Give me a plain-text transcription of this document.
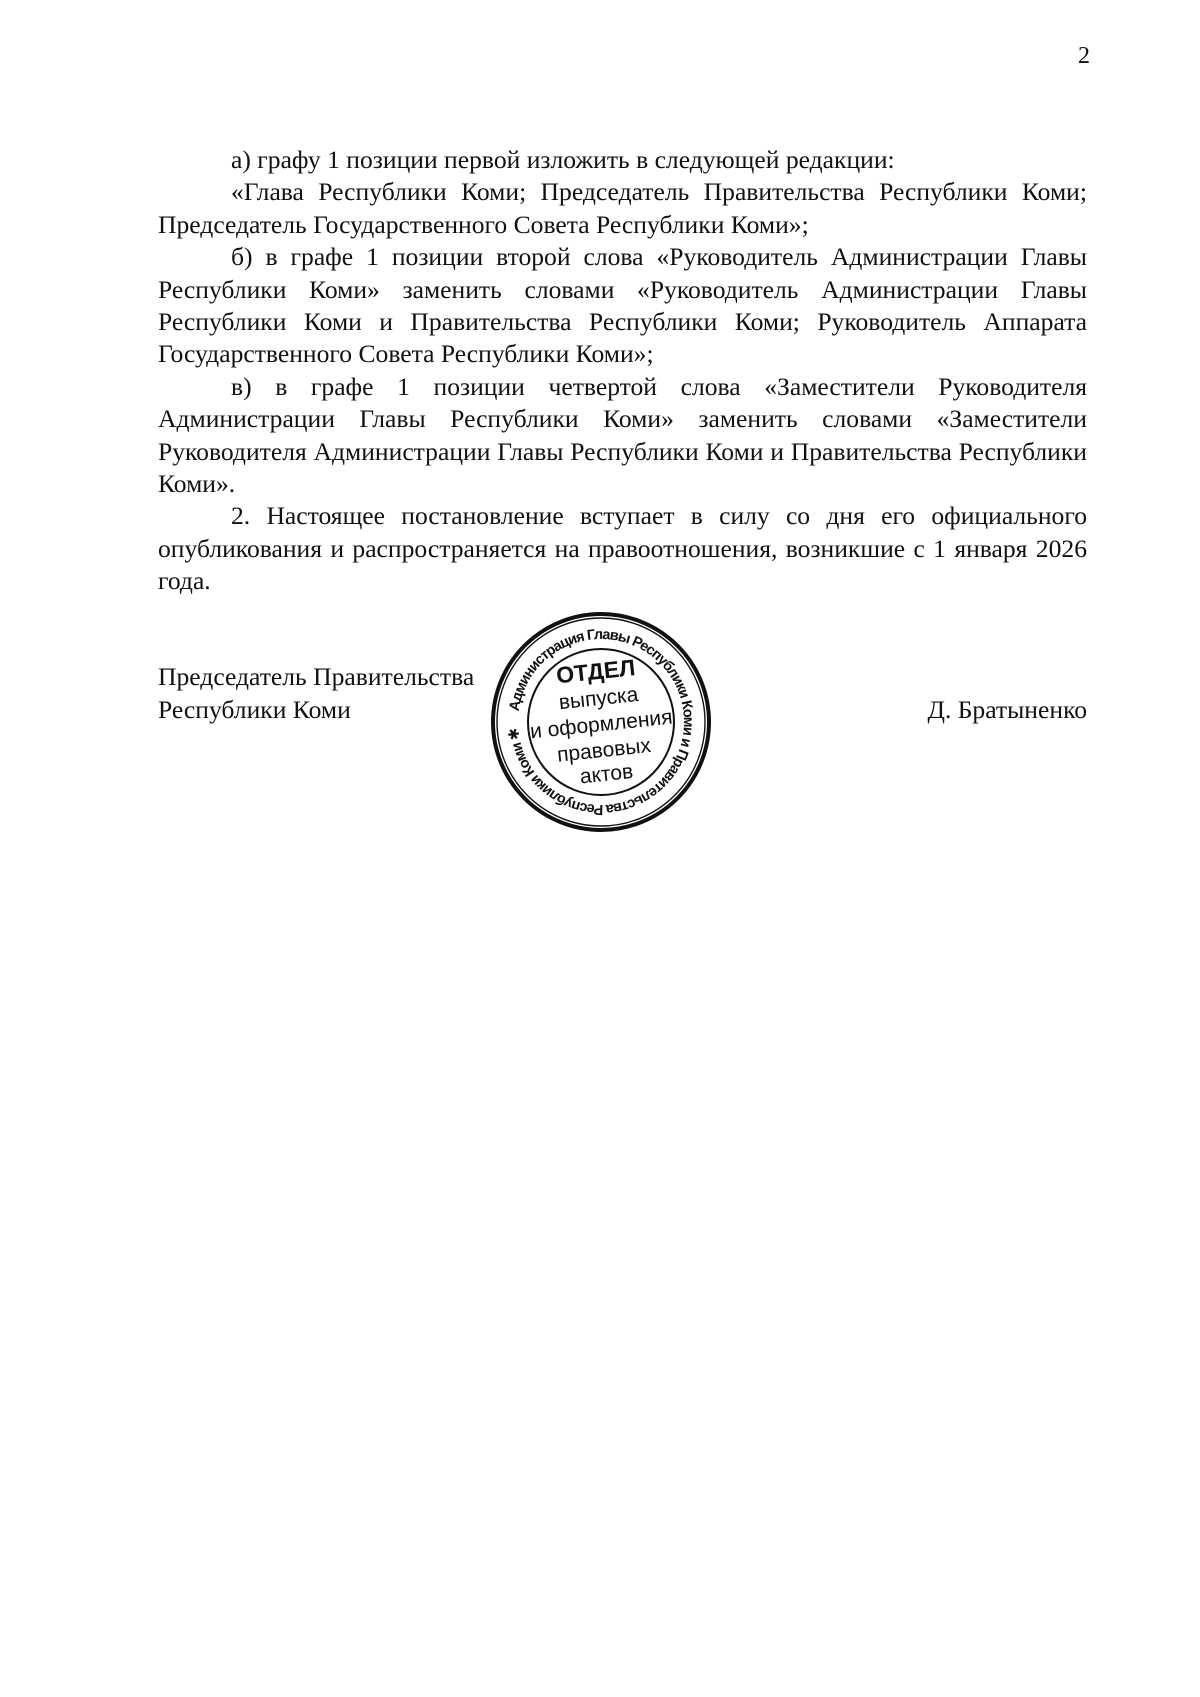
2

а) графу 1 позиции первой изложить в следующей редакции:

«Глава Республики Коми; Председатель Правительства Республики Коми; Председатель Государственного Совета Республики Коми»;

б) в графе 1 позиции второй слова «Руководитель Администрации Главы Республики Коми» заменить словами «Руководитель Администрации Главы Республики Коми и Правительства Республики Коми; Руководитель Аппарата Государственного Совета Республики Коми»;

в) в графе 1 позиции четвертой слова «Заместители Руководителя Администрации Главы Республики Коми» заменить словами «Заместители Руководителя Администрации Главы Республики Коми и Правительства Республики Коми».

2. Настоящее постановление вступает в силу со дня его официального опубликования и распространяется на правоотношения, возникшие с 1 января 2026 года.

Председатель Правительства
Республики Коми	Д. Братыненко
Администрация Главы Республики Коми и Правительства Республики Коми ✱
ОТДЕЛ
выпуска
и оформления
правовых
актов
